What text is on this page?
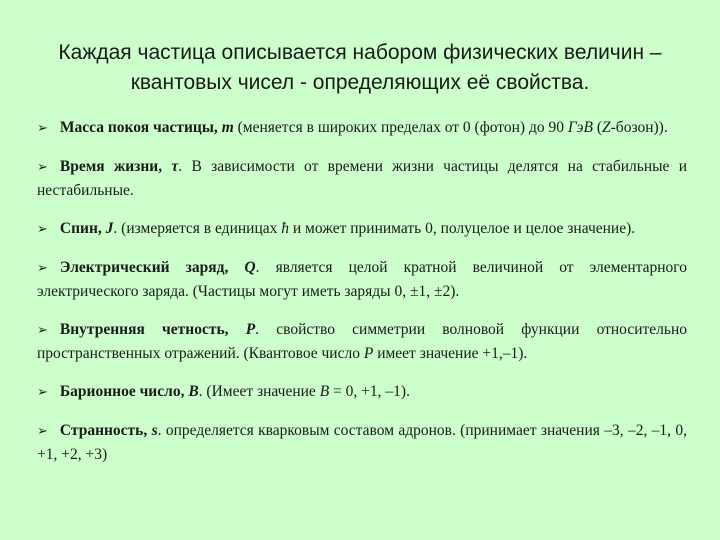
Каждая частица описывается набором физических величин –
квантовых чисел - определяющих её свойства.
➢ Масса покоя частицы, m (меняется в широких пределах от 0 (фотон) до 90 ГэВ (Z-бозон)).
➢ Время жизни, τ. В зависимости от времени жизни частицы делятся на стабильные и нестабильные.
➢ Спин, J. (измеряется в единицах ħ и может принимать 0, полуцелое и целое значение).
➢ Электрический заряд, Q. является целой кратной величиной от элементарного электрического заряда. (Частицы могут иметь заряды 0, ±1, ±2).
➢ Внутренняя четность, P. свойство симметрии волновой функции относительно пространственных отражений. (Квантовое число P имеет значение +1,–1).
➢ Барионное число, B. (Имеет значение B = 0, +1, –1).
➢ Странность, s. определяется кварковым составом адронов. (принимает значения –3, –2, –1, 0, +1, +2, +3)
